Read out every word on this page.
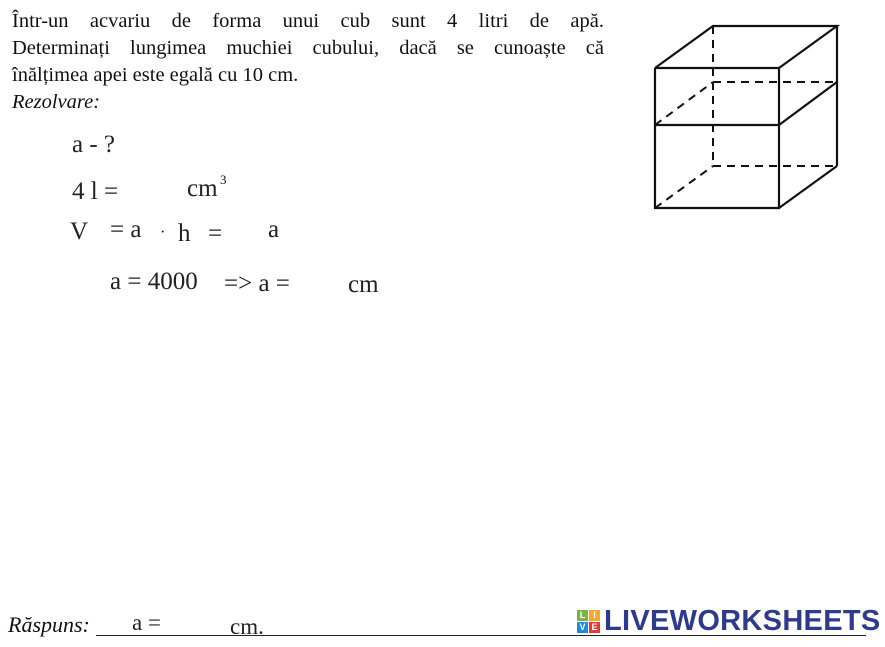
Într-un acvariu de forma unui cub sunt 4 litri de apă.
Determinați lungimea muchiei cubului, dacă se cunoaște că
înălțimea apei este egală cu 10 cm.
Rezolvare:
a - ?
4 l =	cm 3
V = a · h = a
a = 4000 => a = cm
Răspuns: a =	cm.	L I
V E LIVEWORKSHEETS
